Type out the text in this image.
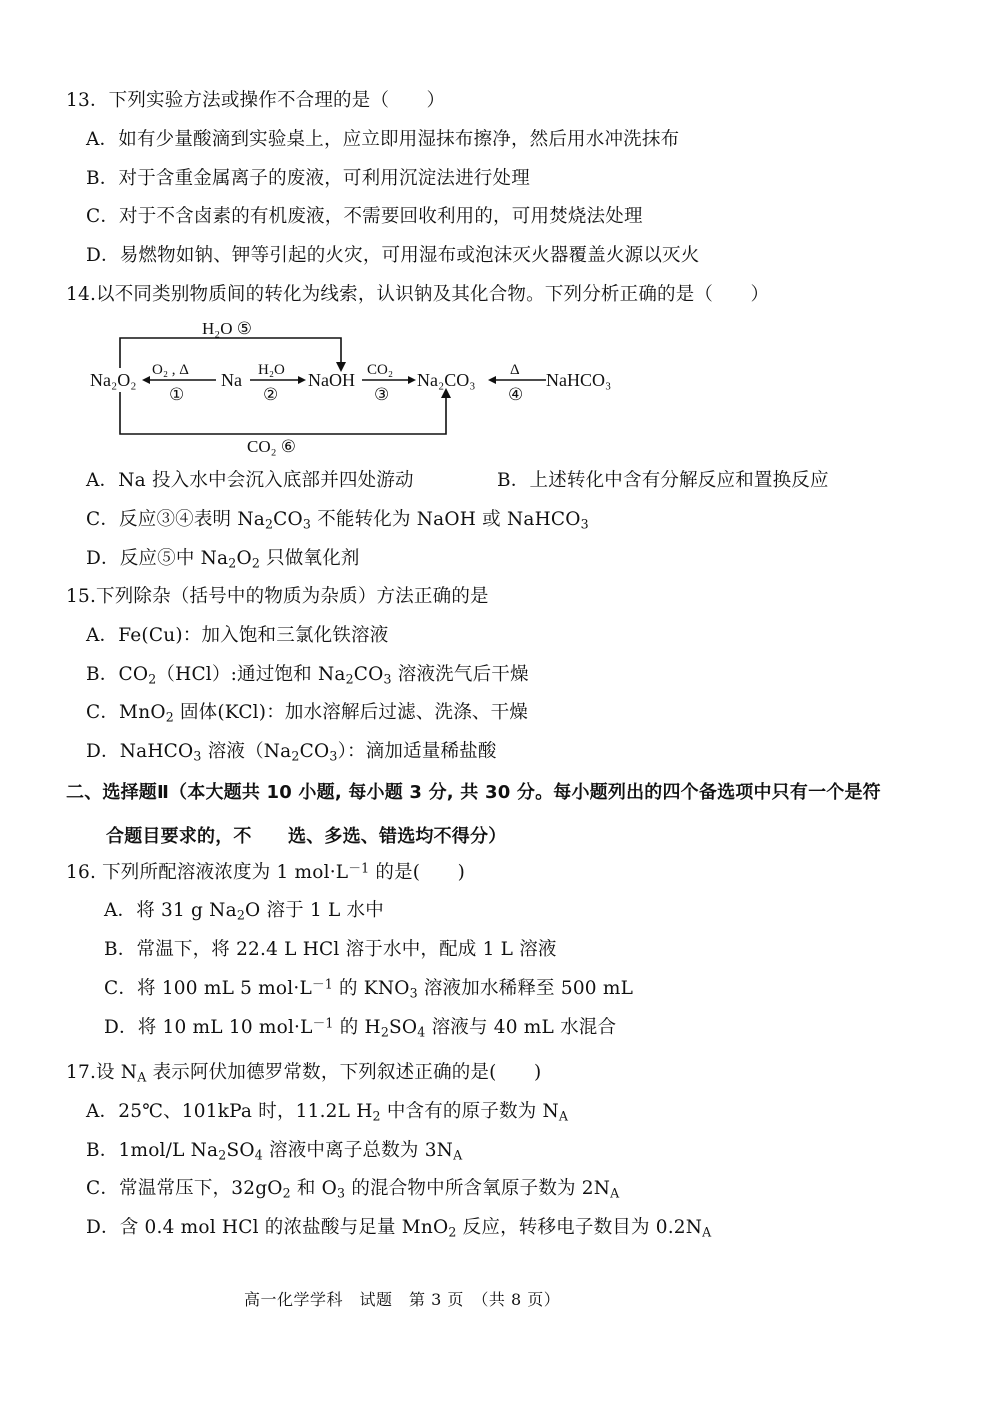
13．下列实验方法或操作不合理的是（　　）
A．如有少量酸滴到实验桌上，应立即用湿抹布擦净，然后用水冲洗抹布
B．对于含重金属离子的废液，可利用沉淀法进行处理
C．对于不含卤素的有机废液，不需要回收利用的，可用焚烧法处理
D．易燃物如钠、钾等引起的火灾，可用湿布或泡沫灭火器覆盖火源以灭火
14.以不同类别物质间的转化为线索，认识钠及其化合物。下列分析正确的是（　　）
H₂O ⑤
CO₂ ⑥
Na₂O₂	Na	NaOH	Na₂CO₃	NaHCO₃
O₂ , Δ
①
H₂O
②
CO₂
③
Δ
④
A．Na 投入水中会沉入底部并四处游动	B．上述转化中含有分解反应和置换反应
C．反应③④表明 $Na_2CO_3$ 不能转化为 NaOH 或 NaHCO$_3$
D．反应⑤中 $Na_2O_2$ 只做氧化剂
15.下列除杂（括号中的物质为杂质）方法正确的是
A．Fe(Cu)：加入饱和三氯化铁溶液
B．$CO_2(HCl)$:通过饱和 $Na_2CO_3$ 溶液洗气后干燥
C．MnO$_2$ 固体(KCl)：加水溶解后过滤、洗涤、干燥
D．NaHCO$_3$ 溶液$(Na_2CO_3)$：滴加适量稀盐酸
二、选择题Ⅱ（本大题共 10 小题, 每小题 3 分, 共 30 分。每小题列出的四个备选项中只有一个是符
合题目要求的，不　　选、多选、错选均不得分）
16. 下列所配溶液浓度为 1 $mol\cdot L^{-1}$ 的是(　　)
A．将 31 g $Na_2O$ 溶于 1 L 水中
B．常温下，将 22.4 L HCl 溶于水中，配成 1 L 溶液
C．将 100 mL 5 $mol\cdot L^{-1}$ 的 $KNO_3$ 溶液加水稀释至 500 mL
D．将 10 mL 10 $mol\cdot L^{-1}$ 的 $H_2SO_4$ 溶液与 40 mL 水混合
17.设 $N_A$ 表示阿伏加德罗常数，下列叙述正确的是(　　)
A．25℃、101kPa 时，11.2L $H_2$ 中含有的原子数为 $N_A$
B．1mol/L $Na_2SO_4$ 溶液中离子总数为 $3N_A$
C．常温常压下，$32gO_2$ 和 $O_3$ 的混合物中所含氧原子数为 $2N_A$
D．含 0.4 mol HCl 的浓盐酸与足量 MnO$_2$ 反应，转移电子数目为 $0.2N_A$
高一化学学科　试题　第 3 页　（共 8 页）
